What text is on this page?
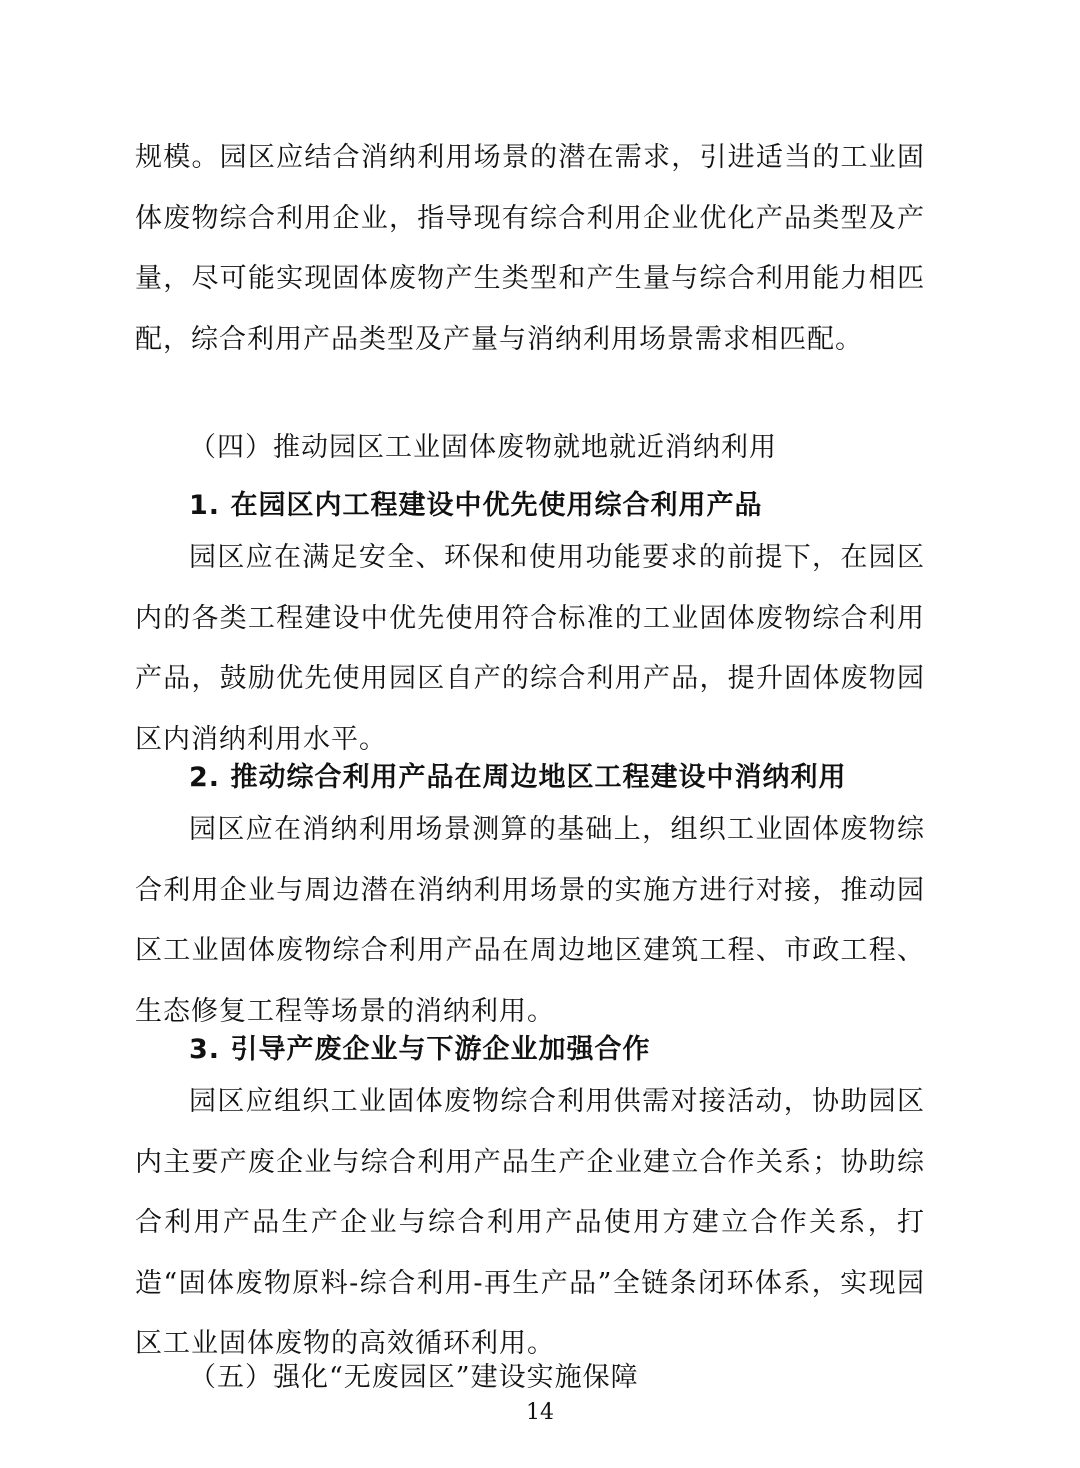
规模。园区应结合消纳利用场景的潜在需求，引进适当的工业固体废物综合利用企业，指导现有综合利用企业优化产品类型及产量，尽可能实现固体废物产生类型和产生量与综合利用能力相匹配，综合利用产品类型及产量与消纳利用场景需求相匹配。

（四）推动园区工业固体废物就地就近消纳利用

1. 在园区内工程建设中优先使用综合利用产品

园区应在满足安全、环保和使用功能要求的前提下，在园区内的各类工程建设中优先使用符合标准的工业固体废物综合利用产品，鼓励优先使用园区自产的综合利用产品，提升固体废物园区内消纳利用水平。

2. 推动综合利用产品在周边地区工程建设中消纳利用

园区应在消纳利用场景测算的基础上，组织工业固体废物综合利用企业与周边潜在消纳利用场景的实施方进行对接，推动园区工业固体废物综合利用产品在周边地区建筑工程、市政工程、生态修复工程等场景的消纳利用。

3. 引导产废企业与下游企业加强合作

园区应组织工业固体废物综合利用供需对接活动，协助园区内主要产废企业与综合利用产品生产企业建立合作关系；协助综合利用产品生产企业与综合利用产品使用方建立合作关系，打造“固体废物原料-综合利用-再生产品”全链条闭环体系，实现园区工业固体废物的高效循环利用。

（五）强化“无废园区”建设实施保障

14
